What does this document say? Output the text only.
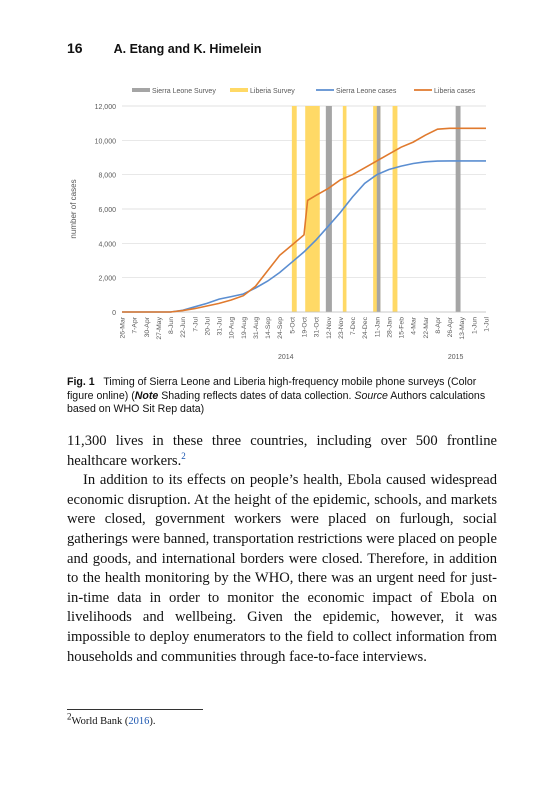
16 A. Etang and K. Himelein
0
2,000
4,000
6,000
8,000
10,000
12,000
26-Mar 7-Apr 30-Apr 27-May 8-Jun 22-Jun 7-Jul 20-Jul 31-Jul 10-Aug 19-Aug 31-Aug 14-Sep 24-Sep 5-Oct 19-Oct 31-Oct 12-Nov 23-Nov 7-Dec 24-Dec 11-Jan 28-Jan 15-Feb 4-Mar 22-Mar 8-Apr 26-Apr 13-May 1-Jun 1-Jul
2014	2015
number of cases
Sierra Leone Survey	Liberia Survey	Sierra Leone cases	Liberia cases
Fig. 1 Timing of Sierra Leone and Liberia high-frequency mobile phone surveys (Color figure online) (Note Shading reflects dates of data collection. Source Authors calculations based on WHO Sit Rep data)

11,300 lives in these three countries, including over 500 frontline healthcare workers.$^2$

In addition to its effects on people’s health, Ebola caused widespread economic disruption. At the height of the epidemic, schools, and markets were closed, government workers were placed on furlough, social gatherings were banned, transportation restrictions were placed on people and goods, and international borders were closed. Therefore, in addition to the health monitoring by the WHO, there was an urgent need for just-in-time data in order to monitor the economic impact of Ebola on livelihoods and wellbeing. Given the epidemic, however, it was impossible to deploy enumerators to the field to collect information from households and communities through face-to-face interviews.

$^2$World Bank (2016).
